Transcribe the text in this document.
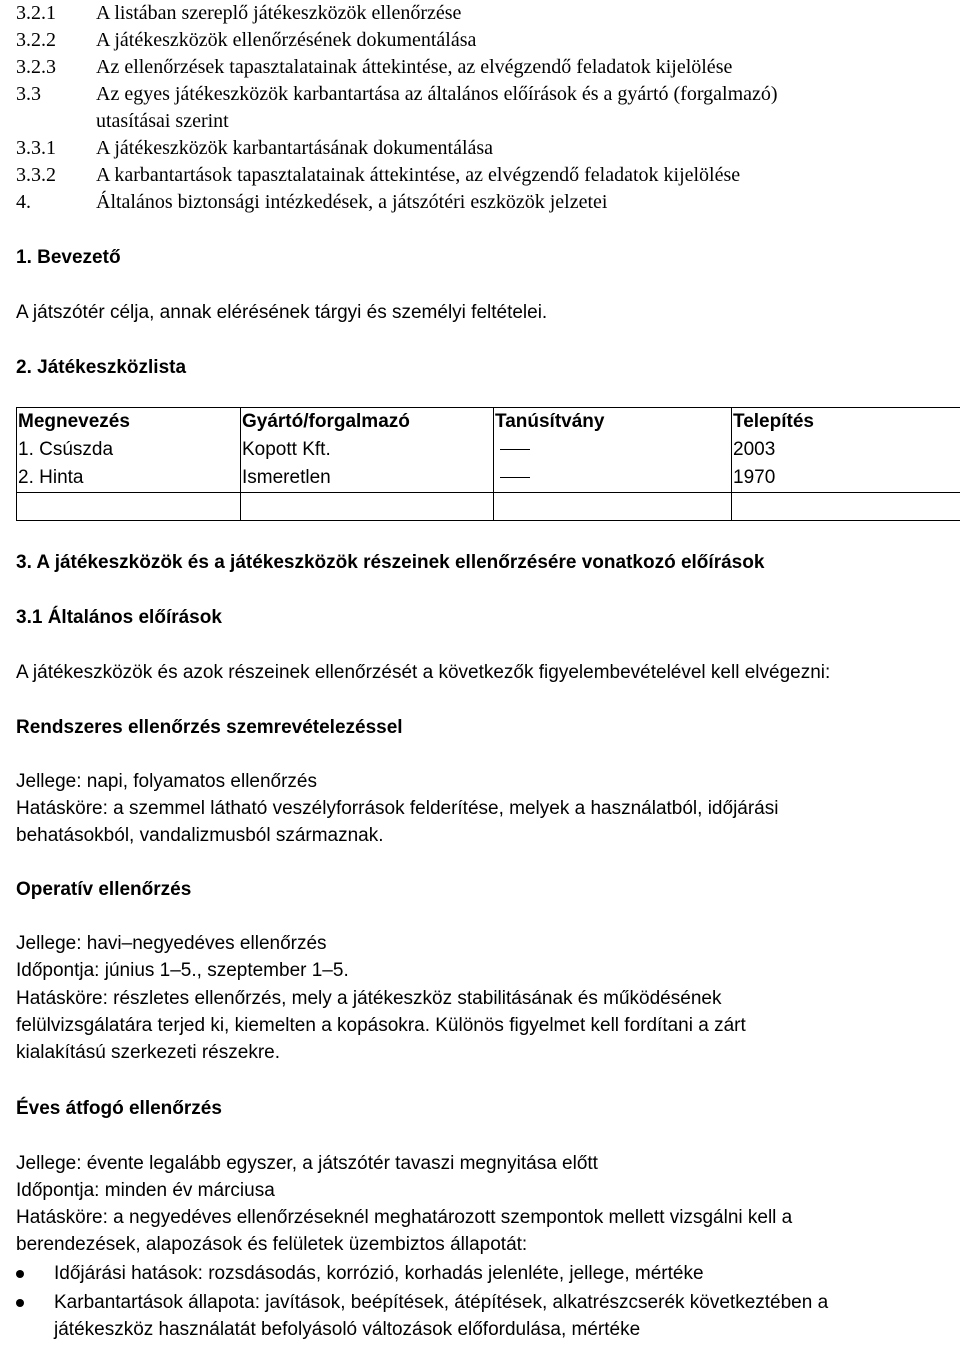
3.2.1 A listában szereplő játékeszközök ellenőrzése
3.2.2 A játékeszközök ellenőrzésének dokumentálása
3.2.3 Az ellenőrzések tapasztalatainak áttekintése, az elvégzendő feladatok kijelölése
3.3	Az egyes játékeszközök karbantartása az általános előírások és a gyártó (forgalmazó)
utasításai szerint
3.3.1 A játékeszközök karbantartásának dokumentálása
3.3.2 A karbantartások tapasztalatainak áttekintése, az elvégzendő feladatok kijelölése
4.	Általános biztonsági intézkedések, a játszótéri eszközök jelzetei
1. Bevezető
A játszótér célja, annak elérésének tárgyi és személyi feltételei.
2. Játékeszközlista
Megnevezés	Gyártó/forgalmazó	Tanúsítvány	Telepítés
1. Csúszda	Kopott Kft.		2003
2. Hinta	Ismeretlen		1970

3. A játékeszközök és a játékeszközök részeinek ellenőrzésére vonatkozó előírások
3.1 Általános előírások
A játékeszközök és azok részeinek ellenőrzését a következők figyelembevételével kell elvégezni:
Rendszeres ellenőrzés szemrevételezéssel
Jellege: napi, folyamatos ellenőrzés
Hatásköre: a szemmel látható veszélyforrások felderítése, melyek a használatból, időjárási
behatásokból, vandalizmusból származnak.
Operatív ellenőrzés
Jellege: havi–negyedéves ellenőrzés
Időpontja: június 1–5., szeptember 1–5.
Hatásköre: részletes ellenőrzés, mely a játékeszköz stabilitásának és működésének
felülvizsgálatára terjed ki, kiemelten a kopásokra. Különös figyelmet kell fordítani a zárt
kialakítású szerkezeti részekre.
Éves átfogó ellenőrzés
Jellege: évente legalább egyszer, a játszótér tavaszi megnyitása előtt
Időpontja: minden év márciusa
Hatásköre: a negyedéves ellenőrzéseknél meghatározott szempontok mellett vizsgálni kell a
berendezések, alapozások és felületek üzembiztos állapotát:
Időjárási hatások: rozsdásodás, korrózió, korhadás jelenléte, jellege, mértéke
Karbantartások állapota: javítások, beépítések, átépítések, alkatrészcserék következtében a
játékeszköz használatát befolyásoló változások előfordulása, mértéke
